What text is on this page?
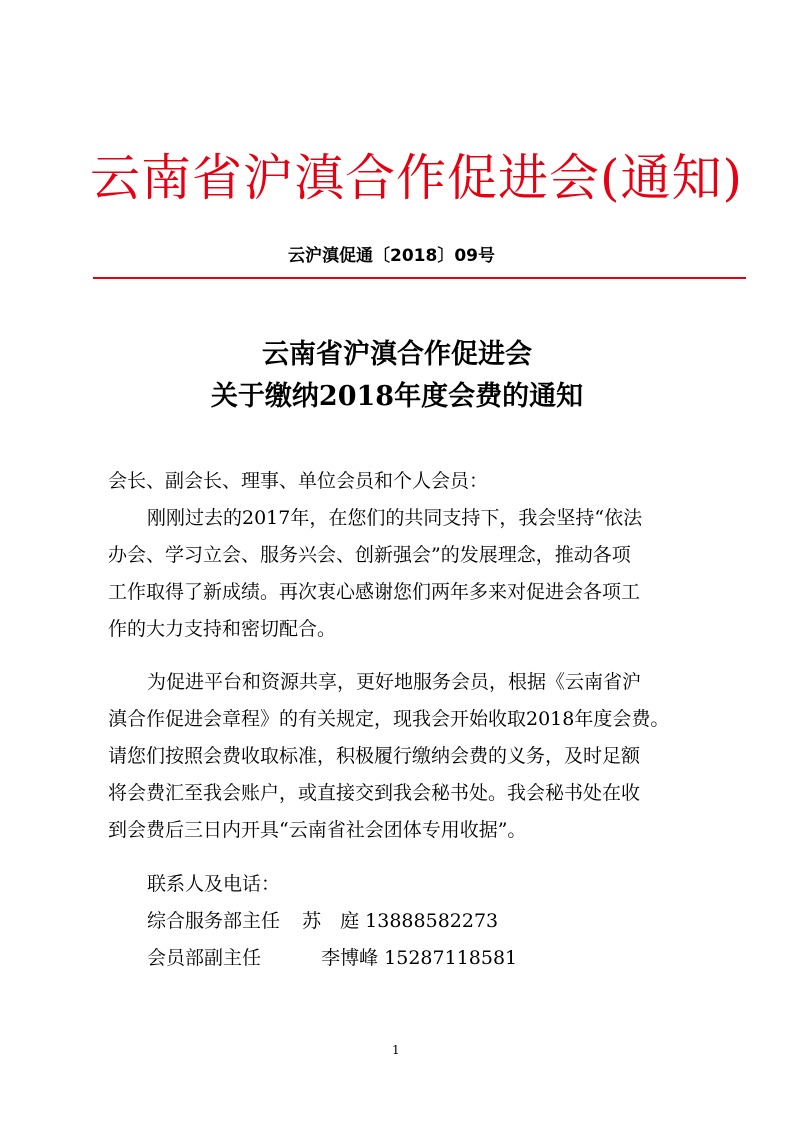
云南省沪滇合作促进会(通知)
云沪滇促通〔2018〕09号
云南省沪滇合作促进会
关于缴纳2018年度会费的通知
会长、副会长、理事、单位会员和个人会员：
刚刚过去的2017年，在您们的共同支持下，我会坚持“依法
办会、学习立会、服务兴会、创新强会”的发展理念，推动各项
工作取得了新成绩。再次衷心感谢您们两年多来对促进会各项工
作的大力支持和密切配合。
为促进平台和资源共享，更好地服务会员，根据《云南省沪
滇合作促进会章程》的有关规定，现我会开始收取2018年度会费。
请您们按照会费收取标准，积极履行缴纳会费的义务，及时足额
将会费汇至我会账户，或直接交到我会秘书处。我会秘书处在收
到会费后三日内开具“云南省社会团体专用收据”。
联系人及电话：
综合服务部主任 苏　庭 13888582273
会员部副主任	李博峰 15287118581
1
